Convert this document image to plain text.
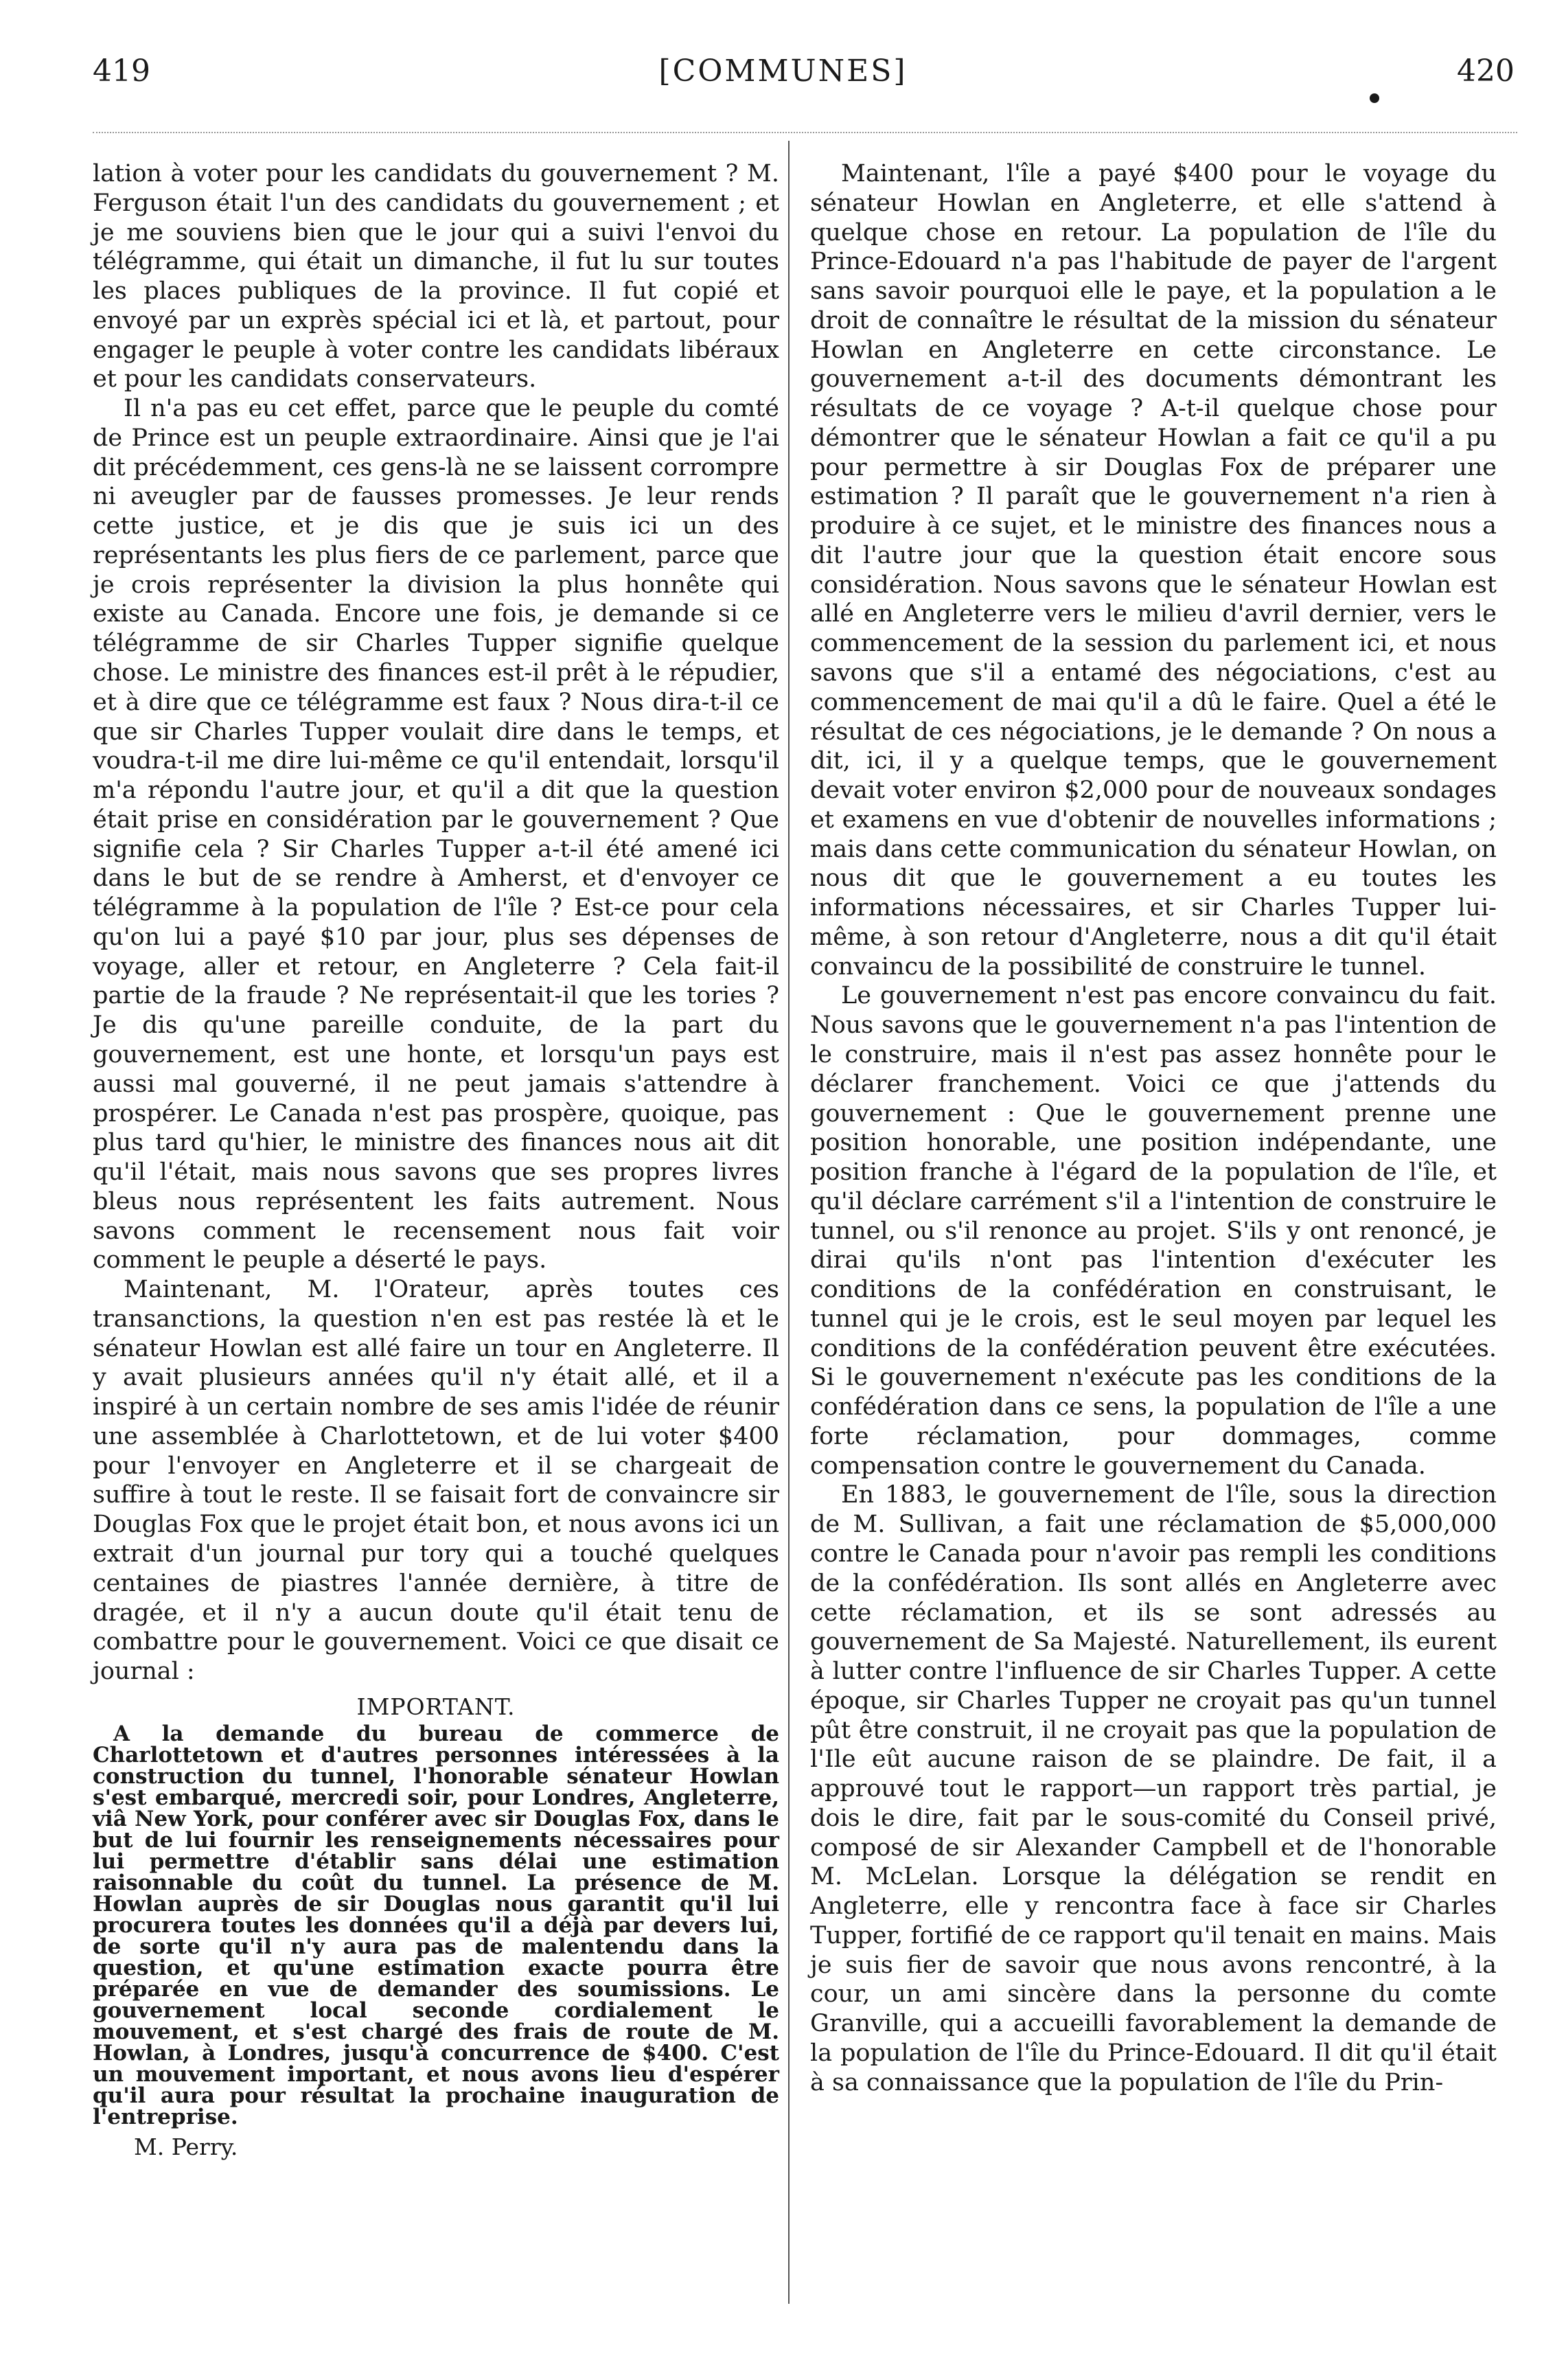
419	[COMMUNES]	420

lation à voter pour les candidats du gouvernement ? M. Ferguson était l'un des candidats du gouvernement ; et je me souviens bien que le jour qui a suivi l'envoi du télégramme, qui était un dimanche, il fut lu sur toutes les places publiques de la province. Il fut copié et envoyé par un exprès spécial ici et là, et partout, pour engager le peuple à voter contre les candidats libéraux et pour les candidats conservateurs.

Il n'a pas eu cet effet, parce que le peuple du comté de Prince est un peuple extraordinaire. Ainsi que je l'ai dit précédemment, ces gens-là ne se laissent corrompre ni aveugler par de fausses promesses. Je leur rends cette justice, et je dis que je suis ici un des représentants les plus fiers de ce parlement, parce que je crois représenter la division la plus honnête qui existe au Canada. Encore une fois, je demande si ce télégramme de sir Charles Tupper signifie quelque chose. Le ministre des finances est-il prêt à le répudier, et à dire que ce télégramme est faux ? Nous dira-t-il ce que sir Charles Tupper voulait dire dans le temps, et voudra-t-il me dire lui-même ce qu'il entendait, lorsqu'il m'a répondu l'autre jour, et qu'il a dit que la question était prise en considération par le gouvernement ? Que signifie cela ? Sir Charles Tupper a-t-il été amené ici dans le but de se rendre à Amherst, et d'envoyer ce télégramme à la population de l'île ? Est-ce pour cela qu'on lui a payé $10 par jour, plus ses dépenses de voyage, aller et retour, en Angleterre ? Cela fait-il partie de la fraude ? Ne représentait-il que les tories ? Je dis qu'une pareille conduite, de la part du gouvernement, est une honte, et lorsqu'un pays est aussi mal gouverné, il ne peut jamais s'attendre à prospérer. Le Canada n'est pas prospère, quoique, pas plus tard qu'hier, le ministre des finances nous ait dit qu'il l'était, mais nous savons que ses propres livres bleus nous représentent les faits autrement. Nous savons comment le recensement nous fait voir comment le peuple a déserté le pays.

Maintenant, M. l'Orateur, après toutes ces transanctions, la question n'en est pas restée là et le sénateur Howlan est allé faire un tour en Angleterre. Il y avait plusieurs années qu'il n'y était allé, et il a inspiré à un certain nombre de ses amis l'idée de réunir une assemblée à Charlottetown, et de lui voter $400 pour l'envoyer en Angleterre et il se chargeait de suffire à tout le reste. Il se faisait fort de convaincre sir Douglas Fox que le projet était bon, et nous avons ici un extrait d'un journal pur tory qui a touché quelques centaines de piastres l'année dernière, à titre de dragée, et il n'y a aucun doute qu'il était tenu de combattre pour le gouvernement. Voici ce que disait ce journal :

IMPORTANT.

A la demande du bureau de commerce de Charlottetown et d'autres personnes intéressées à la construction du tunnel, l'honorable sénateur Howlan s'est embarqué, mercredi soir, pour Londres, Angleterre, viâ New York, pour conférer avec sir Douglas Fox, dans le but de lui fournir les renseignements nécessaires pour lui permettre d'établir sans délai une estimation raisonnable du coût du tunnel. La présence de M. Howlan auprès de sir Douglas nous garantit qu'il lui procurera toutes les données qu'il a déjà par devers lui, de sorte qu'il n'y aura pas de malentendu dans la question, et qu'une estimation exacte pourra être préparée en vue de demander des soumissions. Le gouvernement local seconde cordialement le mouvement, et s'est chargé des frais de route de M. Howlan, à Londres, jusqu'à concurrence de $400. C'est un mouvement important, et nous avons lieu d'espérer qu'il aura pour résultat la prochaine inauguration de l'entreprise.

M. Perry.

Maintenant, l'île a payé $400 pour le voyage du sénateur Howlan en Angleterre, et elle s'attend à quelque chose en retour. La population de l'île du Prince-Edouard n'a pas l'habitude de payer de l'argent sans savoir pourquoi elle le paye, et la population a le droit de connaître le résultat de la mission du sénateur Howlan en Angleterre en cette circonstance. Le gouvernement a-t-il des documents démontrant les résultats de ce voyage ? A-t-il quelque chose pour démontrer que le sénateur Howlan a fait ce qu'il a pu pour permettre à sir Douglas Fox de préparer une estimation ? Il paraît que le gouvernement n'a rien à produire à ce sujet, et le ministre des finances nous a dit l'autre jour que la question était encore sous considération. Nous savons que le sénateur Howlan est allé en Angleterre vers le milieu d'avril dernier, vers le commencement de la session du parlement ici, et nous savons que s'il a entamé des négociations, c'est au commencement de mai qu'il a dû le faire. Quel a été le résultat de ces négociations, je le demande ? On nous a dit, ici, il y a quelque temps, que le gouvernement devait voter environ $2,000 pour de nouveaux sondages et examens en vue d'obtenir de nouvelles informations ; mais dans cette communication du sénateur Howlan, on nous dit que le gouvernement a eu toutes les informations nécessaires, et sir Charles Tupper lui-même, à son retour d'Angleterre, nous a dit qu'il était convaincu de la possibilité de construire le tunnel.

Le gouvernement n'est pas encore convaincu du fait. Nous savons que le gouvernement n'a pas l'intention de le construire, mais il n'est pas assez honnête pour le déclarer franchement. Voici ce que j'attends du gouvernement : Que le gouvernement prenne une position honorable, une position indépendante, une position franche à l'égard de la population de l'île, et qu'il déclare carrément s'il a l'intention de construire le tunnel, ou s'il renonce au projet. S'ils y ont renoncé, je dirai qu'ils n'ont pas l'intention d'exécuter les conditions de la confédération en construisant, le tunnel qui je le crois, est le seul moyen par lequel les conditions de la confédération peuvent être exécutées. Si le gouvernement n'exécute pas les conditions de la confédération dans ce sens, la population de l'île a une forte réclamation, pour dommages, comme compensation contre le gouvernement du Canada.

En 1883, le gouvernement de l'île, sous la direction de M. Sullivan, a fait une réclamation de $5,000,000 contre le Canada pour n'avoir pas rempli les conditions de la confédération. Ils sont allés en Angleterre avec cette réclamation, et ils se sont adressés au gouvernement de Sa Majesté. Naturellement, ils eurent à lutter contre l'influence de sir Charles Tupper. A cette époque, sir Charles Tupper ne croyait pas qu'un tunnel pût être construit, il ne croyait pas que la population de l'Ile eût aucune raison de se plaindre. De fait, il a approuvé tout le rapport—un rapport très partial, je dois le dire, fait par le sous-comité du Conseil privé, composé de sir Alexander Campbell et de l'honorable M. McLelan. Lorsque la délégation se rendit en Angleterre, elle y rencontra face à face sir Charles Tupper, fortifié de ce rapport qu'il tenait en mains. Mais je suis fier de savoir que nous avons rencontré, à la cour, un ami sincère dans la personne du comte Granville, qui a accueilli favorablement la demande de la population de l'île du Prince-Edouard. Il dit qu'il était à sa connaissance que la population de l'île du Prin-
